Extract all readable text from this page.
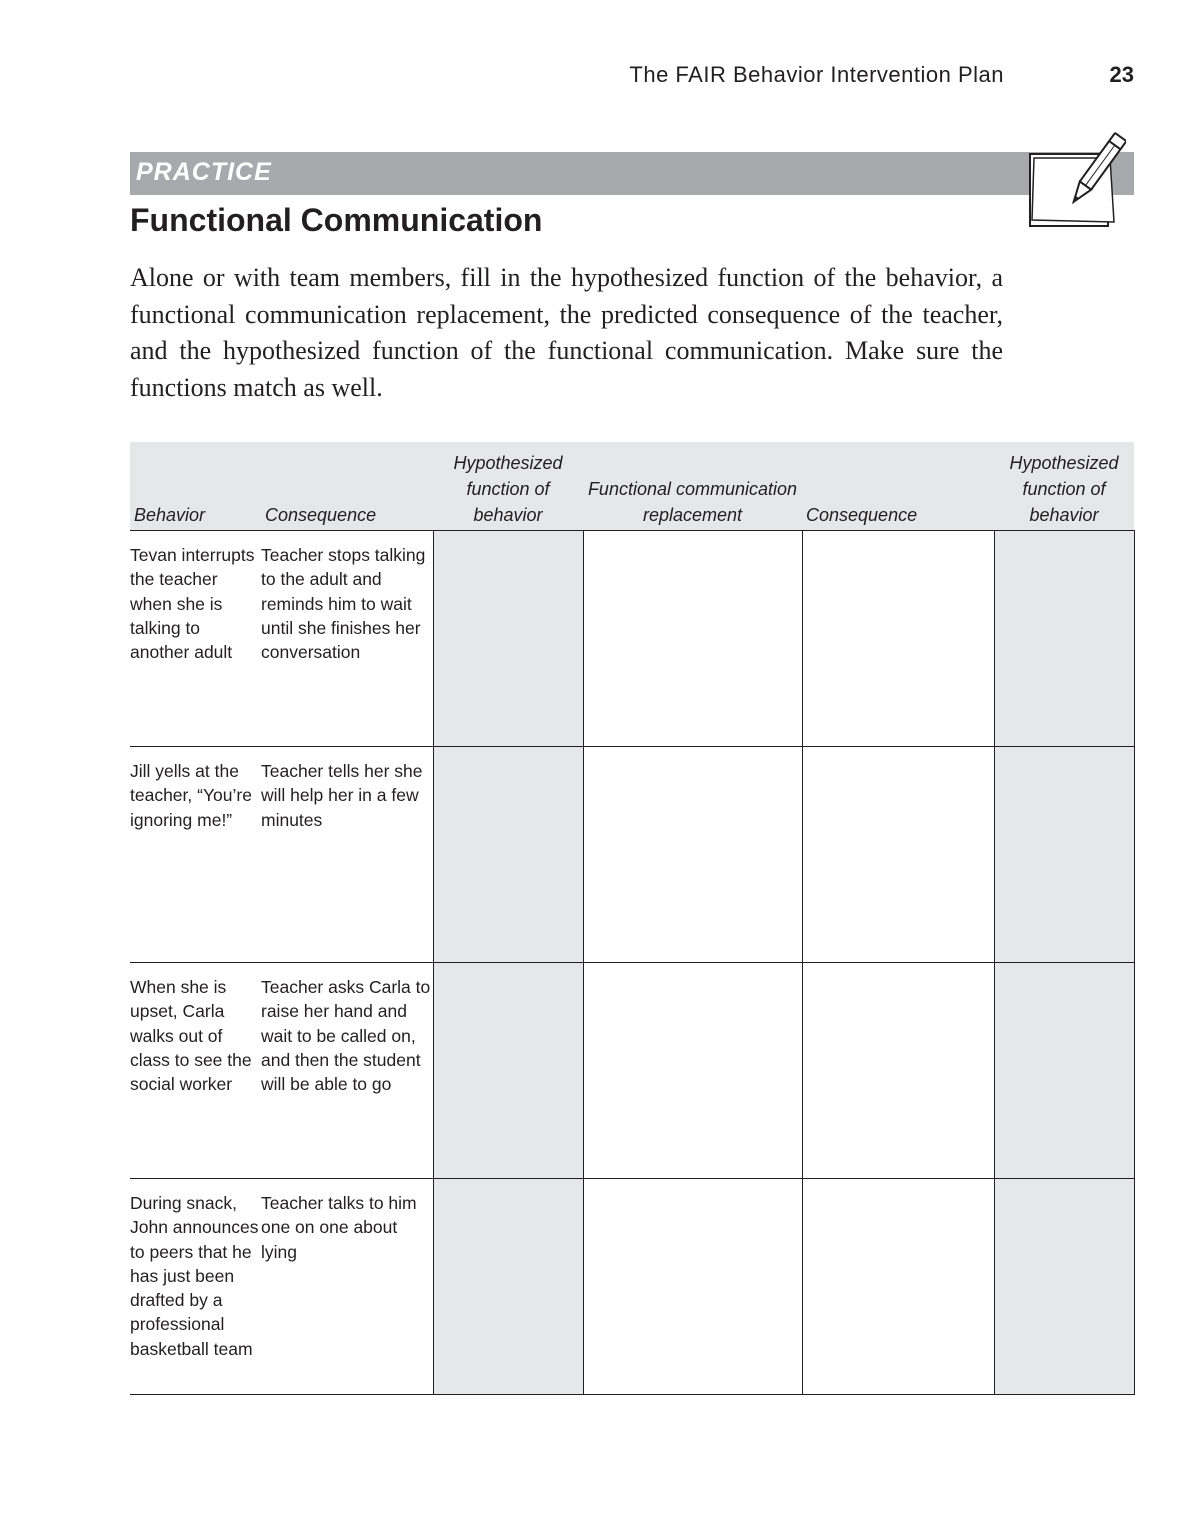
The FAIR Behavior Intervention Plan	23
PRACTICE
Functional Communication

Alone or with team members, fill in the hypothesized function of the behavior, a functional communication replacement, the predicted consequence of the teacher, and the hypothesized function of the functional communication. Make sure the functions match as well.

Behavior	Consequence	Hypothesized function of behavior	Functional communication replacement	Consequence	Hypothesized function of behavior
Tevan interrupts the teacher when she is talking to another adult	Teacher stops talking to the adult and reminds him to wait until she finishes her conversation				
Jill yells at the teacher, “You’re ignoring me!”	Teacher tells her she will help her in a few minutes				
When she is upset, Carla walks out of class to see the social worker	Teacher asks Carla to raise her hand and wait to be called on, and then the student will be able to go				
During snack, John announces to peers that he has just been drafted by a professional basketball team	Teacher talks to him one on one about lying				
